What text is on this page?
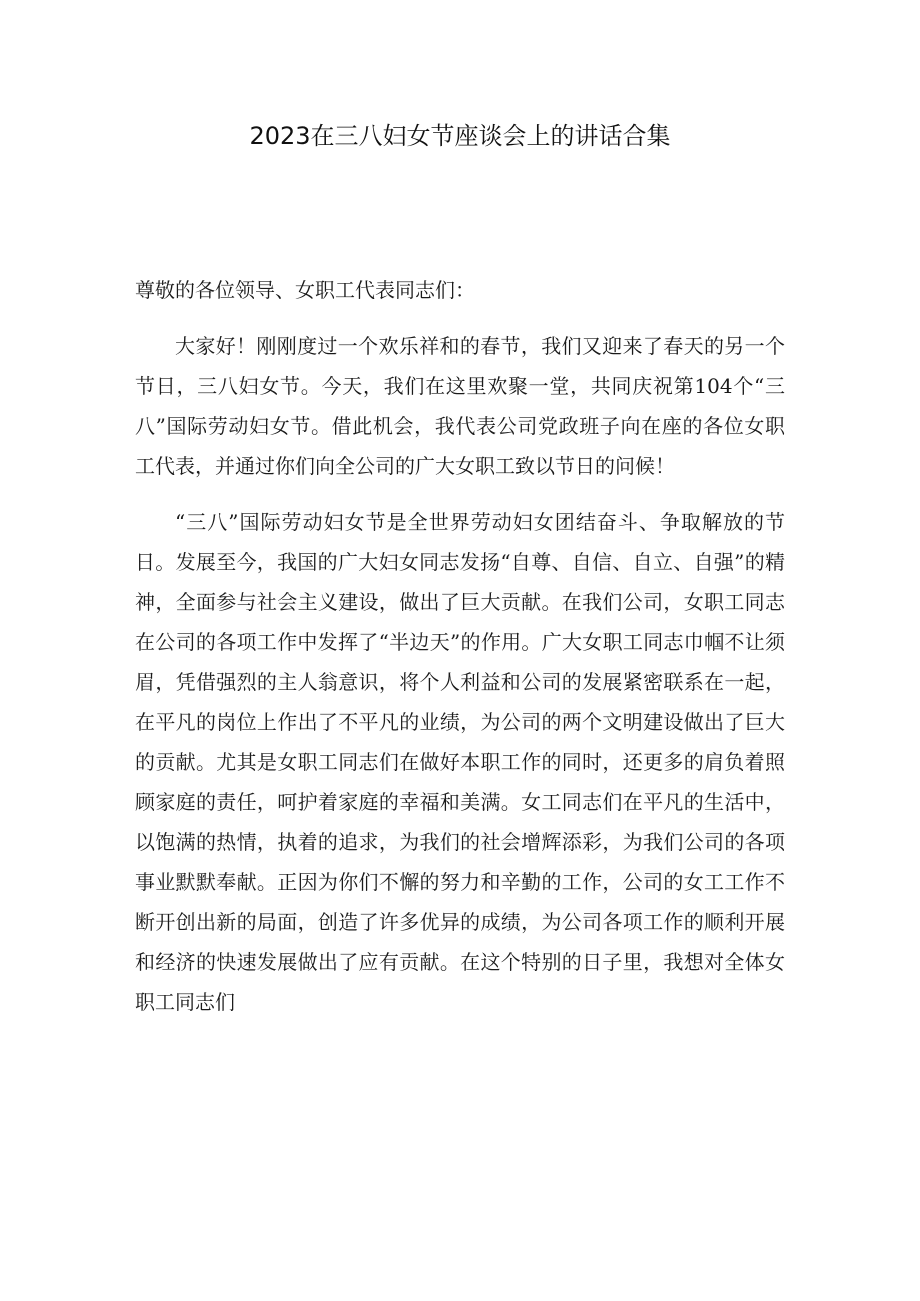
2023在三八妇女节座谈会上的讲话合集

尊敬的各位领导、女职工代表同志们：

大家好！刚刚度过一个欢乐祥和的春节，我们又迎来了春天的另一个节日，三八妇女节。今天，我们在这里欢聚一堂，共同庆祝第104个“三八”国际劳动妇女节。借此机会，我代表公司党政班子向在座的各位女职工代表，并通过你们向全公司的广大女职工致以节日的问候！

“三八”国际劳动妇女节是全世界劳动妇女团结奋斗、争取解放的节日。发展至今，我国的广大妇女同志发扬“自尊、自信、自立、自强”的精神，全面参与社会主义建设，做出了巨大贡献。在我们公司，女职工同志在公司的各项工作中发挥了“半边天”的作用。广大女职工同志巾帼不让须眉，凭借强烈的主人翁意识，将个人利益和公司的发展紧密联系在一起，在平凡的岗位上作出了不平凡的业绩，为公司的两个文明建设做出了巨大的贡献。尤其是女职工同志们在做好本职工作的同时，还更多的肩负着照顾家庭的责任，呵护着家庭的幸福和美满。女工同志们在平凡的生活中，以饱满的热情，执着的追求，为我们的社会增辉添彩，为我们公司的各项事业默默奉献。正因为你们不懈的努力和辛勤的工作，公司的女工工作不断开创出新的局面，创造了许多优异的成绩，为公司各项工作的顺利开展和经济的快速发展做出了应有贡献。在这个特别的日子里，我想对全体女职工同志们
